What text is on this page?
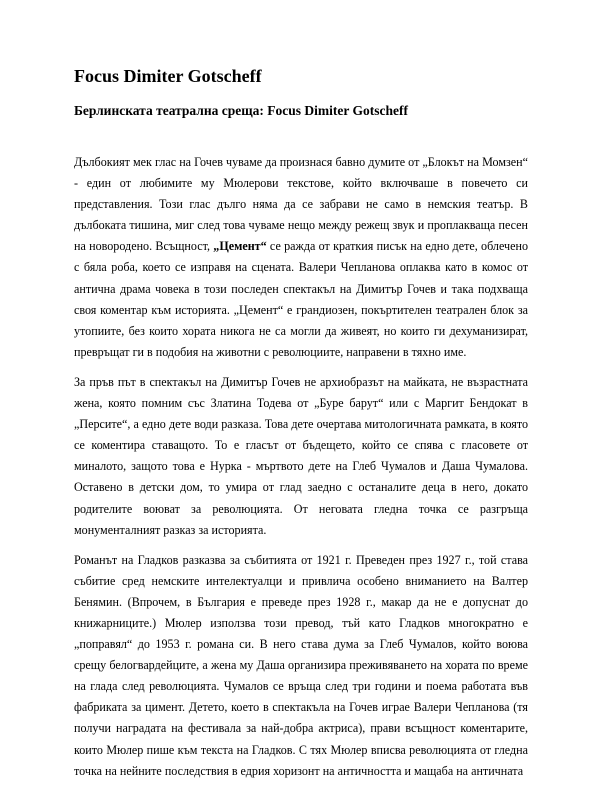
Focus Dimiter Gotscheff
Берлинската театрална среща: Focus Dimiter Gotscheff

Дълбокият мек глас на Гочев чуваме да произнася бавно думите от „Блокът на Момзен“ - един от любимите му Мюлерови текстове, който включваше в повечето си представления. Този глас дълго няма да се забрави не само в немския театър. В дълбоката тишина, миг след това чуваме нещо между режещ звук и проплакваща песен на новородено. Всъщност, „Цемент“ се ражда от краткия писък на едно дете, облечено с бяла роба, което се изправя на сцената. Валери Чепланова оплаква като в комос от антична драма човека в този последен спектакъл на Димитър Гочев и така подхваща своя коментар към историята. „Цемент“ е грандиозен, покъртителен театрален блок за утопиите, без които хората никога не са могли да живеят, но които ги дехуманизират, превръщат ги в подобия на животни с революциите, направени в тяхно име.

За пръв път в спектакъл на Димитър Гочев не архиобразът на майката, не възрастната жена, която помним със Златина Тодева от „Буре барут“ или с Маргит Бендокат в „Персите“, а едно дете води разказа. Това дете очертава митологичната рамката, в която се коментира ставащото. То е гласът от бъдещето, който се спява с гласовете от миналото, защото това е Нурка - мъртвото дете на Глеб Чумалов и Даша Чумалова. Оставено в детски дом, то умира от глад заедно с останалите деца в него, докато родителите воюват за революцията. От неговата гледна точка се разгръща монументалният разказ за историята.

Романът на Гладков разказва за събитията от 1921 г. Преведен през 1927 г., той става събитие сред немските интелектуалци и привлича особено вниманието на Валтер Бенямин. (Впрочем, в България е преведе през 1928 г., макар да не е допуснат до книжарниците.) Мюлер използва този превод, тъй като Гладков многократно е „поправял“ до 1953 г. романа си. В него става дума за Глеб Чумалов, който воюва срещу белогвардейците, а жена му Даша организира преживяването на хората по време на глада след революцията. Чумалов се връща след три години и поема работата във фабриката за цимент. Детето, което в спектакъла на Гочев играе Валери Чепланова (тя получи наградата на фестивала за най-добра актриса), прави всъщност коментарите, които Мюлер пише към текста на Гладков. С тях Мюлер вписва революцията от гледна точка на нейните последствия в едрия хоризонт на античността и мащаба на античната
